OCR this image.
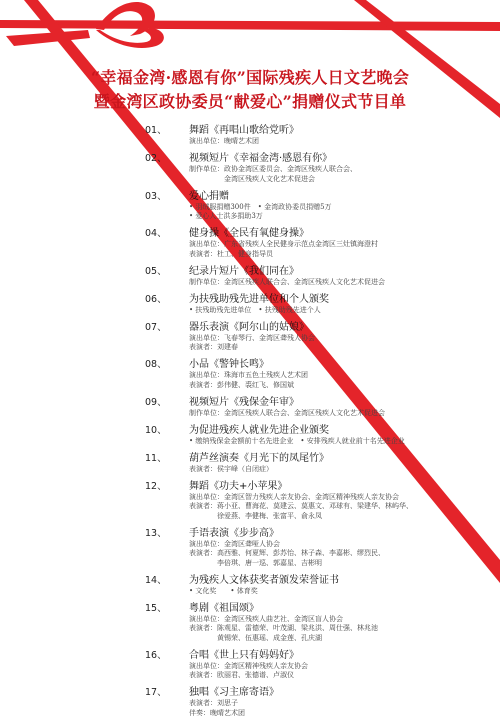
“幸福金湾·感恩有你”国际残疾人日文艺晚会
暨金湾区政协委员“献爱心”捐赠仪式节目单
01、 舞蹈《再唱山歌给党听》
演出单位：晚晴艺术团
02、 视频短片《幸福金湾·感恩有你》
制作单位：政协金湾区委员会、金湾区残疾人联合会、
　　　　　金湾区残疾人文化艺术促进会
03、 爱心捐赠
• 羽绒服捐赠300件　• 金湾政协委员捐赠5万
• 爱心人士洪多捐助3万
04、 健身操《全民有氧健身操》
演出单位：广东省残疾人全民健身示范点金湾区三灶镇海澄村
表演者：杜工、健身指导员
05、 纪录片短片《我们同在》
制作单位：金湾区残疾人联合会、金湾区残疾人文化艺术促进会
06、 为扶残助残先进单位和个人颁奖
• 扶残助残先进单位　• 扶残助残先进个人
07、 器乐表演《阿尔山的姑娘》
演出单位：飞春琴行、金湾区聋残人协会
表演者：刘建春
08、 小品《警钟长鸣》
演出单位：珠海市五色土残疾人艺术团
表演者：彭伟健、裘红飞、修国斌
09、 视频短片《残保金年审》
制作单位：金湾区残疾人联合会、金湾区残疾人文化艺术促进会
10、 为促进残疾人就业先进企业颁奖
• 缴纳残保金金额前十名先进企业　• 安排残疾人就业前十名先进企业
11、 葫芦丝演奏《月光下的凤尾竹》
表演者：侯宇峰（自闭症）
12、 舞蹈《功夫+小苹果》
演出单位：金湾区智力残疾人亲友协会、金湾区精神残疾人亲友协会
表演者：蒋小亚、曹海花、莫建云、莫惠文、邓球有、梁建华、林屿华、
　　　　徐爱燕、李健梅、张富平、俞永凤
13、 手语表演《步步高》
演出单位：金湾区聋哑人协会
表演者：高西雅、何夏辉、彭苏怡、林子森、李嘉彬、缪烈民、
　　　　李倍琪、唐一巡、郭嘉星、吉彬明
14、 为残疾人文体获奖者颁发荣誉证书
• 文化奖　　• 体育奖
15、 粤剧《祖国颂》
演出单位：金湾区残疾人曲艺社、金湾区盲人协会
表演者：陈观星、雷德荣、叶茂湖、梁兆洪、周仕强、林兆池
　　　　黄锡荣、伍惠瑶、成金莲、孔庆湖
16、 合唱《世上只有妈妈好》
演出单位：金湾区精神残疾人亲友协会
表演者：欧丽君、张德谱、卢淑仪
17、 独唱《习主席寄语》
表演者：刘思子
伴奏：晚晴艺术团
